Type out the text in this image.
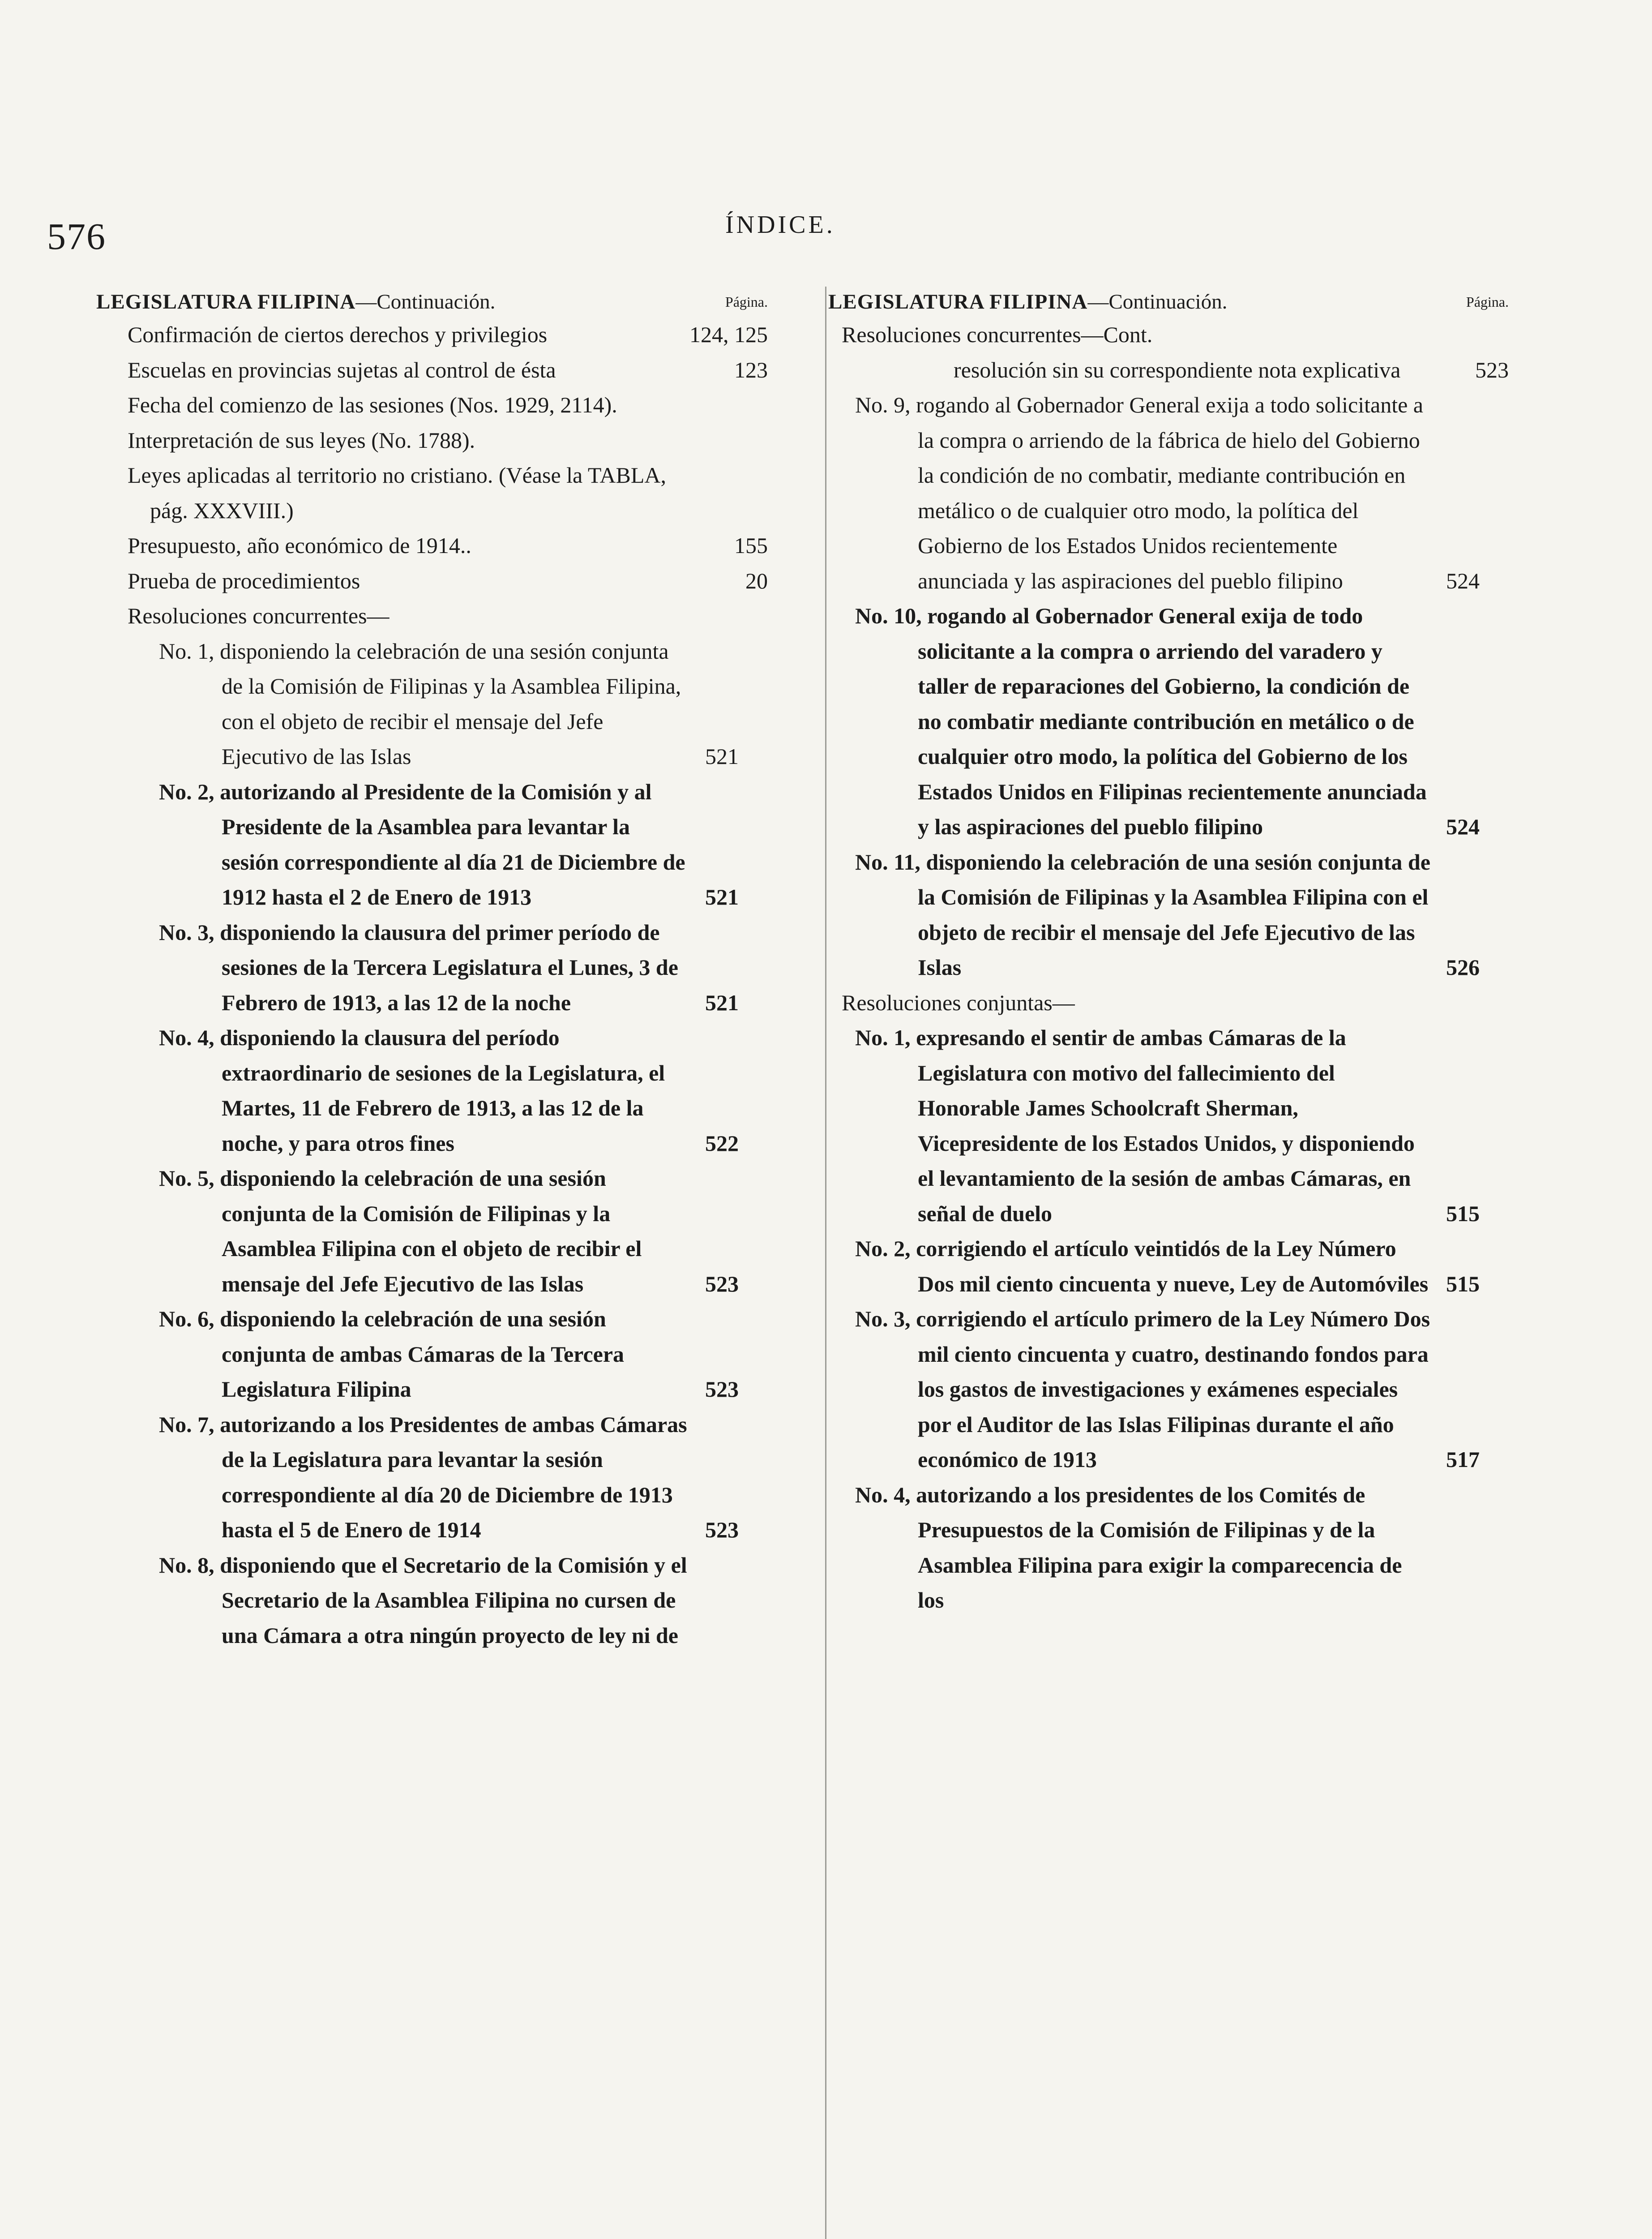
576	ÍNDICE.
LEGISLATURA FILIPINA—Continuación.	Página.
Confirmación de ciertos derechos y privilegios	124, 125
Escuelas en provincias sujetas al control de ésta	123
Fecha del comienzo de las sesiones (Nos. 1929, 2114).
Interpretación de sus leyes (No. 1788).
Leyes aplicadas al territorio no cristiano. (Véase la TABLA, pág. XXXVIII.)
Presupuesto, año económico de 1914..	155
Prueba de procedimientos	20
Resoluciones concurrentes—
No. 1, disponiendo la celebración de una sesión conjunta de la Comisión de Filipinas y la Asamblea Filipina, con el objeto de recibir el mensaje del Jefe Ejecutivo de las Islas	521
No. 2, autorizando al Presidente de la Comisión y al Presidente de la Asamblea para levantar la sesión correspondiente al día 21 de Diciembre de 1912 hasta el 2 de Enero de 1913	521
No. 3, disponiendo la clausura del primer período de sesiones de la Tercera Legislatura el Lunes, 3 de Febrero de 1913, a las 12 de la noche	521
No. 4, disponiendo la clausura del período extraordinario de sesiones de la Legislatura, el Martes, 11 de Febrero de 1913, a las 12 de la noche, y para otros fines	522
No. 5, disponiendo la celebración de una sesión conjunta de la Comisión de Filipinas y la Asamblea Filipina con el objeto de recibir el mensaje del Jefe Ejecutivo de las Islas	523
No. 6, disponiendo la celebración de una sesión conjunta de ambas Cámaras de la Tercera Legislatura Filipina	523
No. 7, autorizando a los Presidentes de ambas Cámaras de la Legislatura para levantar la sesión correspondiente al día 20 de Diciembre de 1913 hasta el 5 de Enero de 1914	523
No. 8, disponiendo que el Secretario de la Comisión y el Secretario de la Asamblea Filipina no cursen de una Cámara a otra ningún proyecto de ley ni de
LEGISLATURA FILIPINA—Continuación.	Página.
Resoluciones concurrentes—Cont.
resolución sin su correspondiente nota explicativa	523
No. 9, rogando al Gobernador General exija a todo solicitante a la compra o arriendo de la fábrica de hielo del Gobierno la condición de no combatir, mediante contribución en metálico o de cualquier otro modo, la política del Gobierno de los Estados Unidos recientemente anunciada y las aspiraciones del pueblo filipino	524
No. 10, rogando al Gobernador General exija de todo solicitante a la compra o arriendo del varadero y taller de reparaciones del Gobierno, la condición de no combatir mediante contribución en metálico o de cualquier otro modo, la política del Gobierno de los Estados Unidos en Filipinas recientemente anunciada y las aspiraciones del pueblo filipino	524
No. 11, disponiendo la celebración de una sesión conjunta de la Comisión de Filipinas y la Asamblea Filipina con el objeto de recibir el mensaje del Jefe Ejecutivo de las Islas	526
Resoluciones conjuntas—
No. 1, expresando el sentir de ambas Cámaras de la Legislatura con motivo del fallecimiento del Honorable James Schoolcraft Sherman, Vicepresidente de los Estados Unidos, y disponiendo el levantamiento de la sesión de ambas Cámaras, en señal de duelo	515
No. 2, corrigiendo el artículo veintidós de la Ley Número Dos mil ciento cincuenta y nueve, Ley de Automóviles 515
No. 3, corrigiendo el artículo primero de la Ley Número Dos mil ciento cincuenta y cuatro, destinando fondos para los gastos de investigaciones y exámenes especiales por el Auditor de las Islas Filipinas durante el año económico de 1913	517
No. 4, autorizando a los presidentes de los Comités de Presupuestos de la Comisión de Filipinas y de la Asamblea Filipina para exigir la comparecencia de los
